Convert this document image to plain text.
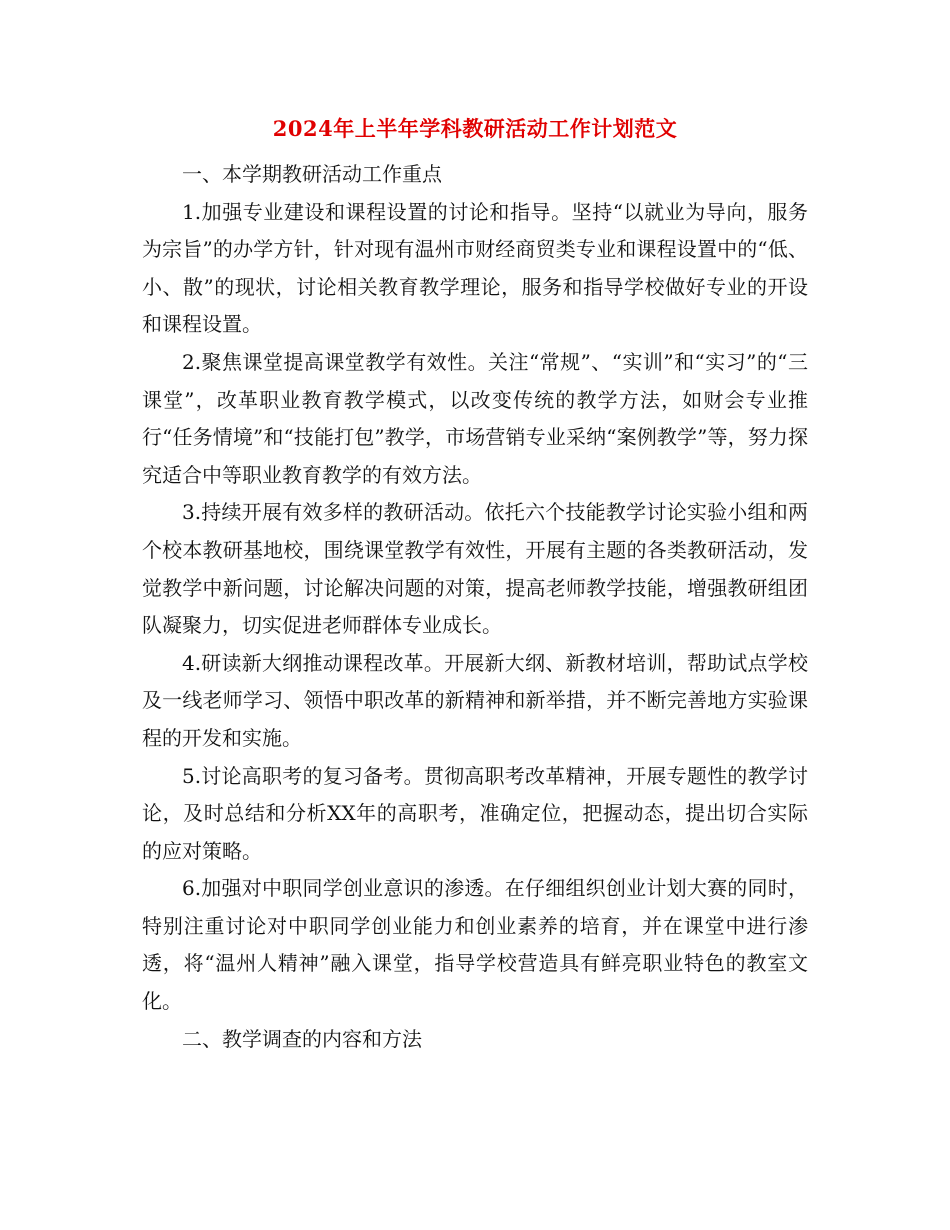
2024年上半年学科教研活动工作计划范文

一、本学期教研活动工作重点

1.加强专业建设和课程设置的讨论和指导。坚持“以就业为导向，服务为宗旨”的办学方针，针对现有温州市财经商贸类专业和课程设置中的“低、小、散”的现状，讨论相关教育教学理论，服务和指导学校做好专业的开设和课程设置。

2.聚焦课堂提高课堂教学有效性。关注“常规”、“实训”和“实习”的“三课堂”，改革职业教育教学模式，以改变传统的教学方法，如财会专业推行“任务情境”和“技能打包”教学，市场营销专业采纳“案例教学”等，努力探究适合中等职业教育教学的有效方法。

3.持续开展有效多样的教研活动。依托六个技能教学讨论实验小组和两个校本教研基地校，围绕课堂教学有效性，开展有主题的各类教研活动，发觉教学中新问题，讨论解决问题的对策，提高老师教学技能，增强教研组团队凝聚力，切实促进老师群体专业成长。

4.研读新大纲推动课程改革。开展新大纲、新教材培训，帮助试点学校及一线老师学习、领悟中职改革的新精神和新举措，并不断完善地方实验课程的开发和实施。

5.讨论高职考的复习备考。贯彻高职考改革精神，开展专题性的教学讨论，及时总结和分析XX年的高职考，准确定位，把握动态，提出切合实际的应对策略。

6.加强对中职同学创业意识的渗透。在仔细组织创业计划大赛的同时，特别注重讨论对中职同学创业能力和创业素养的培育，并在课堂中进行渗透，将“温州人精神”融入课堂，指导学校营造具有鲜亮职业特色的教室文化。

二、教学调查的内容和方法
